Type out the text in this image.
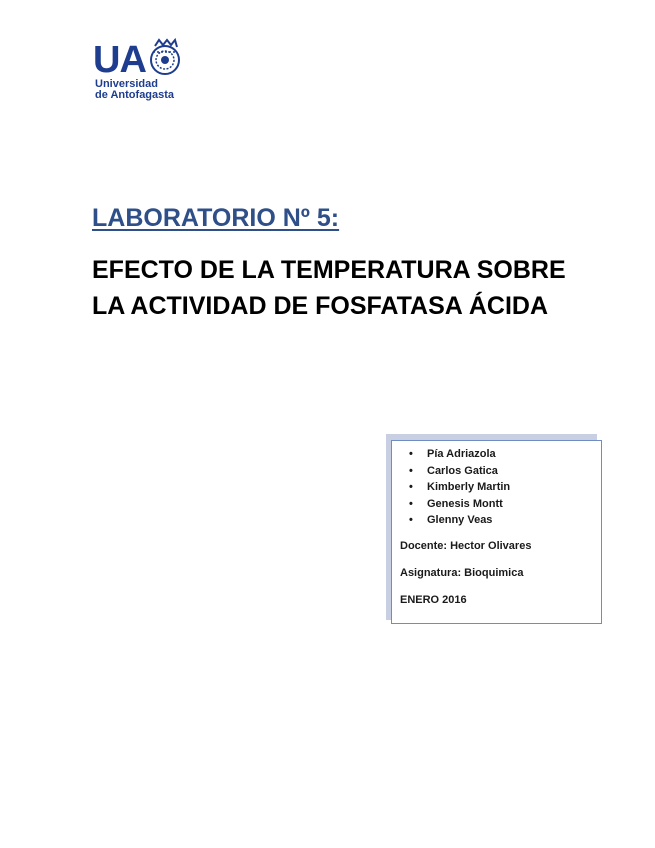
UA
Universidad
de Antofagasta
LABORATORIO Nº 5:
EFECTO DE LA TEMPERATURA SOBRE LA ACTIVIDAD DE FOSFATASA ÁCIDA
•	Pía Adriazola
•	Carlos Gatica
•	Kimberly Martin
•	Genesis Montt
•	Glenny Veas
Docente: Hector Olivares
Asignatura: Bioquimica
ENERO 2016
